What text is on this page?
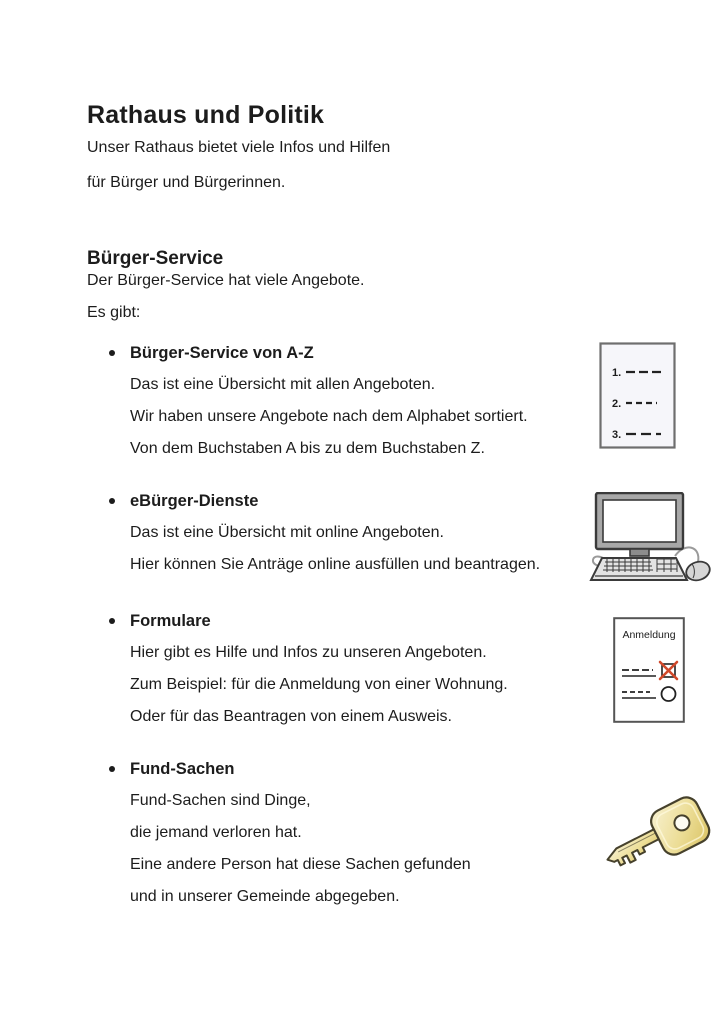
Rathaus und Politik

Unser Rathaus bietet viele Infos und Hilfen

für Bürger und Bürgerinnen.

Bürger-Service

Der Bürger-Service hat viele Angebote.

Es gibt:

Bürger-Service von A-Z

Das ist eine Übersicht mit allen Angeboten.

Wir haben unsere Angebote nach dem Alphabet sortiert.

Von dem Buchstaben A bis zu dem Buchstaben Z.

eBürger-Dienste

Das ist eine Übersicht mit online Angeboten.

Hier können Sie Anträge online ausfüllen und beantragen.

Formulare

Hier gibt es Hilfe und Infos zu unseren Angeboten.

Zum Beispiel: für die Anmeldung von einer Wohnung.

Oder für das Beantragen von einem Ausweis.

Fund-Sachen

Fund-Sachen sind Dinge,

die jemand verloren hat.

Eine andere Person hat diese Sachen gefunden

und in unserer Gemeinde abgegeben.

1.
2.
3.
Anmeldung
